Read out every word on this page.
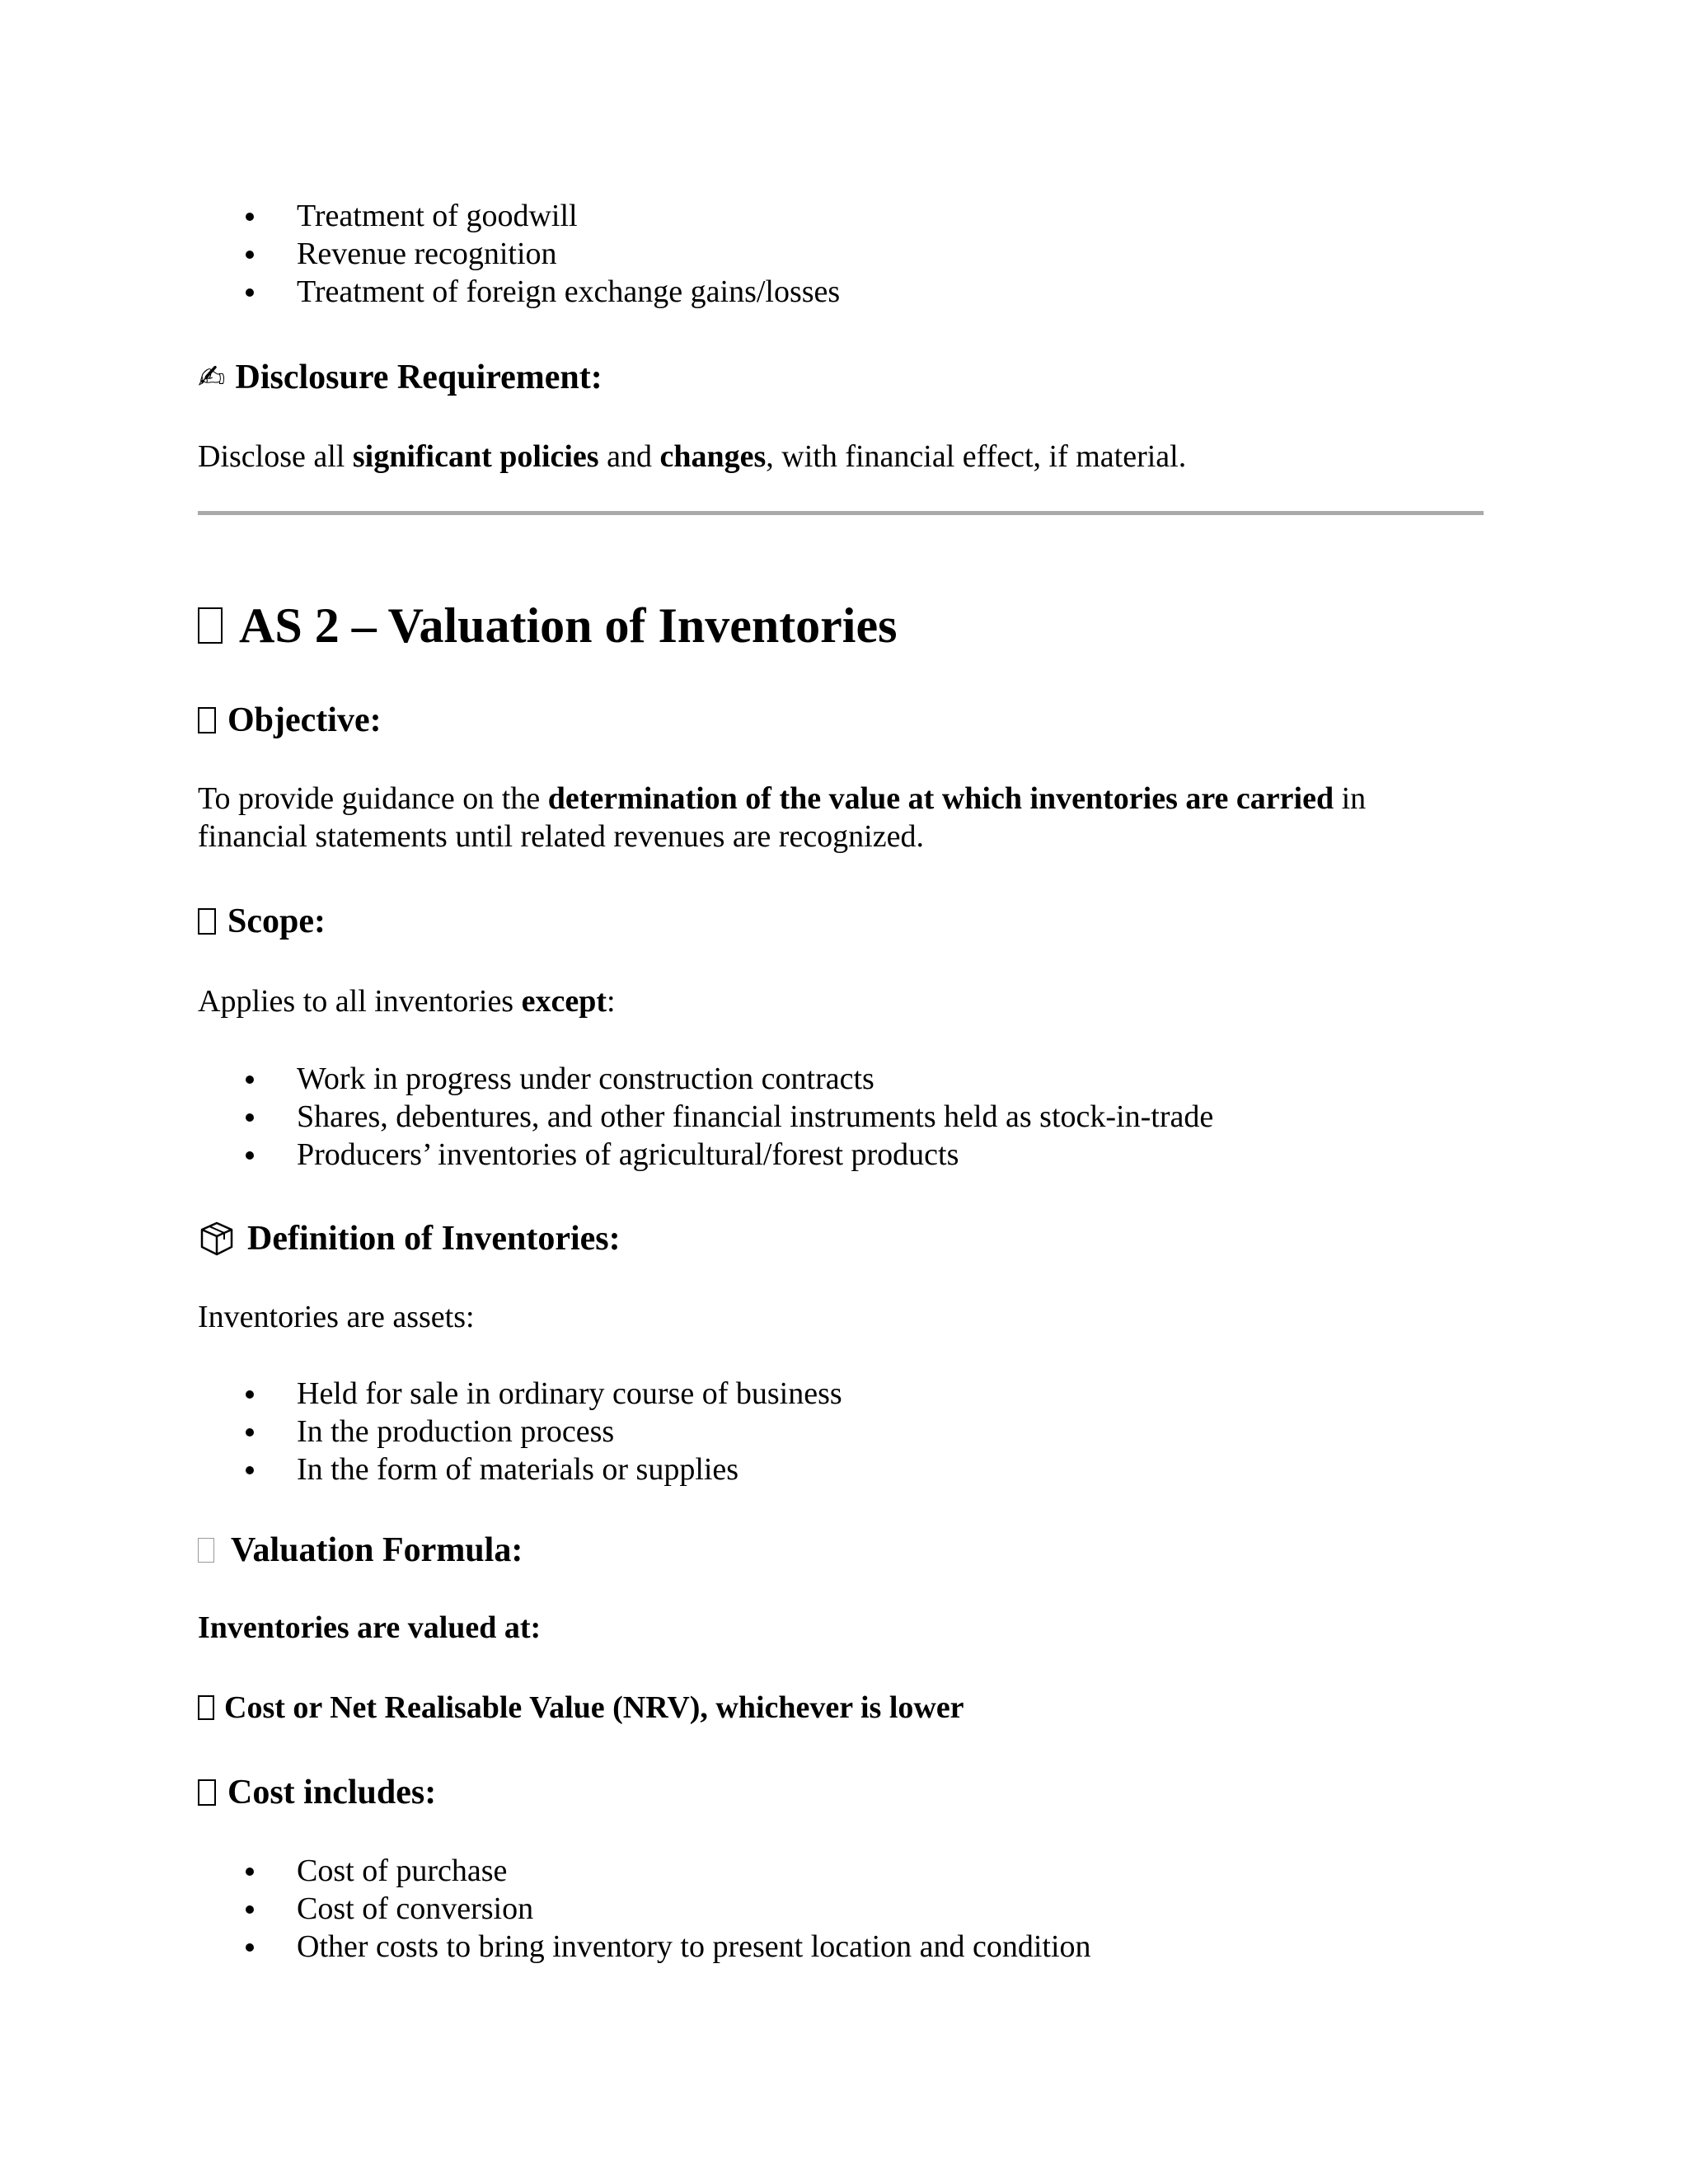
Treatment of goodwill
Revenue recognition
Treatment of foreign exchange gains/losses
✍ Disclosure Requirement:
Disclose all significant policies and changes, with financial effect, if material.
AS 2 – Valuation of Inventories
Objective:
To provide guidance on the determination of the value at which inventories are carried in
financial statements until related revenues are recognized.
Scope:
Applies to all inventories except:
Work in progress under construction contracts
Shares, debentures, and other financial instruments held as stock-in-trade
Producers’ inventories of agricultural/forest products
Definition of Inventories:
Inventories are assets:
Held for sale in ordinary course of business
In the production process
In the form of materials or supplies
Valuation Formula:
Inventories are valued at:
Cost or Net Realisable Value (NRV), whichever is lower
Cost includes:
Cost of purchase
Cost of conversion
Other costs to bring inventory to present location and condition
